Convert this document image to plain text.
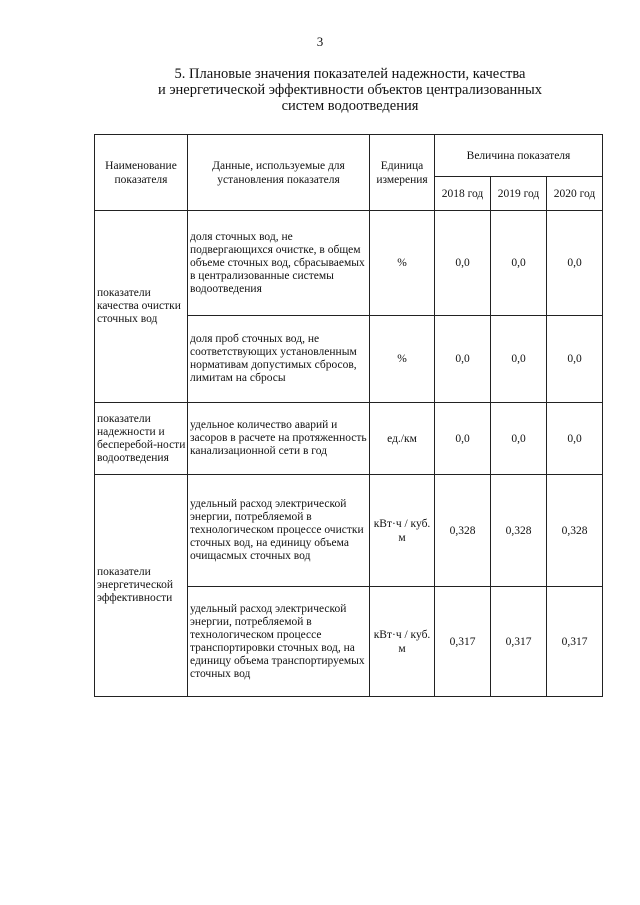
3
5. Плановые значения показателей надежности, качества
и энергетической эффективности объектов централизованных
систем водоотведения
Наименование показателя	Данные, используемые для установления показателя	Единица измерения	Величина показателя		
			2018 год	2019 год	2020 год
показатели качества очистки сточных вод	доля сточных вод, не подвергающихся очистке, в общем объеме сточных вод, сбрасываемых в централизованные системы водоотведения	%	0,0	0,0	0,0
	доля проб сточных вод, не соответствующих установленным нормативам допустимых сбросов, лимитам на сбросы	%	0,0	0,0	0,0
показатели надежности и бесперебой-ности водоотведения	удельное количество аварий и засоров в расчете на протяженность канализационной сети в год	ед./км	0,0	0,0	0,0
показатели энергетической эффективности	удельный расход электрической энергии, потребляемой в технологическом процессе очистки сточных вод, на единицу объема очищасмых сточных вод	кВт·ч / куб. м	0,328	0,328	0,328
	удельный расход электрической энергии, потребляемой в технологическом процессе транспортировки сточных вод, на единицу объема транспортируемых сточных вод	кВт·ч / куб. м	0,317	0,317	0,317
